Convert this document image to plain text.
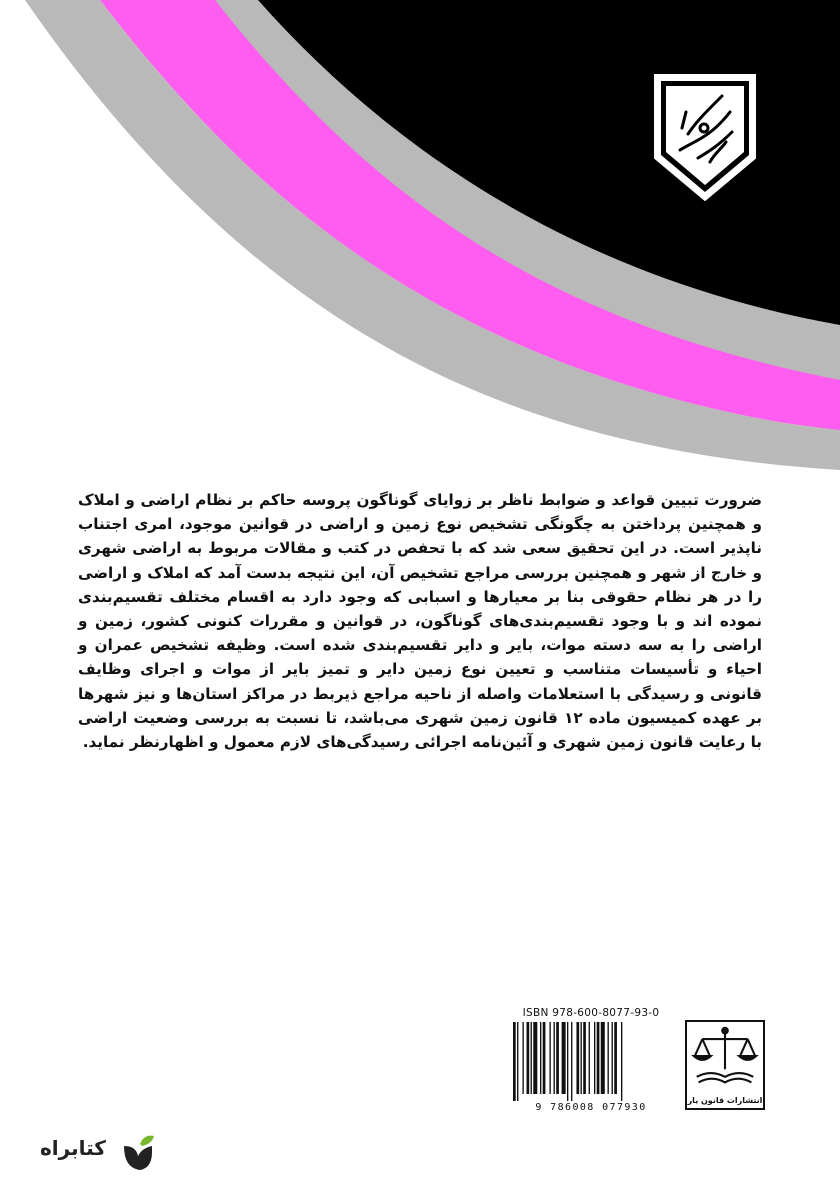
ضرورت تبیین قواعد و ضوابط ناظر بر زوایای گوناگون پروسه حاکم بر نظام اراضی و املاک و همچنین پرداختن به چگونگی تشخیص نوع زمین و اراضی در قوانین موجود، امری اجتناب ناپذیر است. در این تحقیق سعی شد که با تحفص در کتب و مقالات مربوط به اراضی شهری و خارج از شهر و همچنین بررسی مراجع تشخیص آن، این نتیجه بدست آمد که املاک و اراضی را در هر نظام حقوقی بنا بر معیارها و اسبابی که وجود دارد به اقسام مختلف تقسیم‌بندی نموده اند و با وجود تقسیم‌بندی‌های گوناگون، در قوانین و مقررات کنونی کشور، زمین و اراضی را به سه دسته موات، بایر و دایر تقسیم‌بندی شده است. وظیفه تشخیص عمران و احیاء و تأسیسات متناسب و تعیین نوع زمین دایر و تمیز بایر از موات و اجرای وظایف قانونی و رسیدگی با استعلامات واصله از ناحیه مراجع ذیربط در مراکز استان‌ها و نیز شهرها بر عهده کمیسیون ماده ۱۲ قانون زمین شهری می‌باشد، تا نسبت به بررسی وضعیت اراضی با رعایت قانون زمین شهری و آئین‌نامه اجرائی رسیدگی‌های لازم معمول و اظهارنظر نماید.
ISBN 978-600-8077-93-0
9 786008 077930
انتشارات قانون یار
کتابراه
